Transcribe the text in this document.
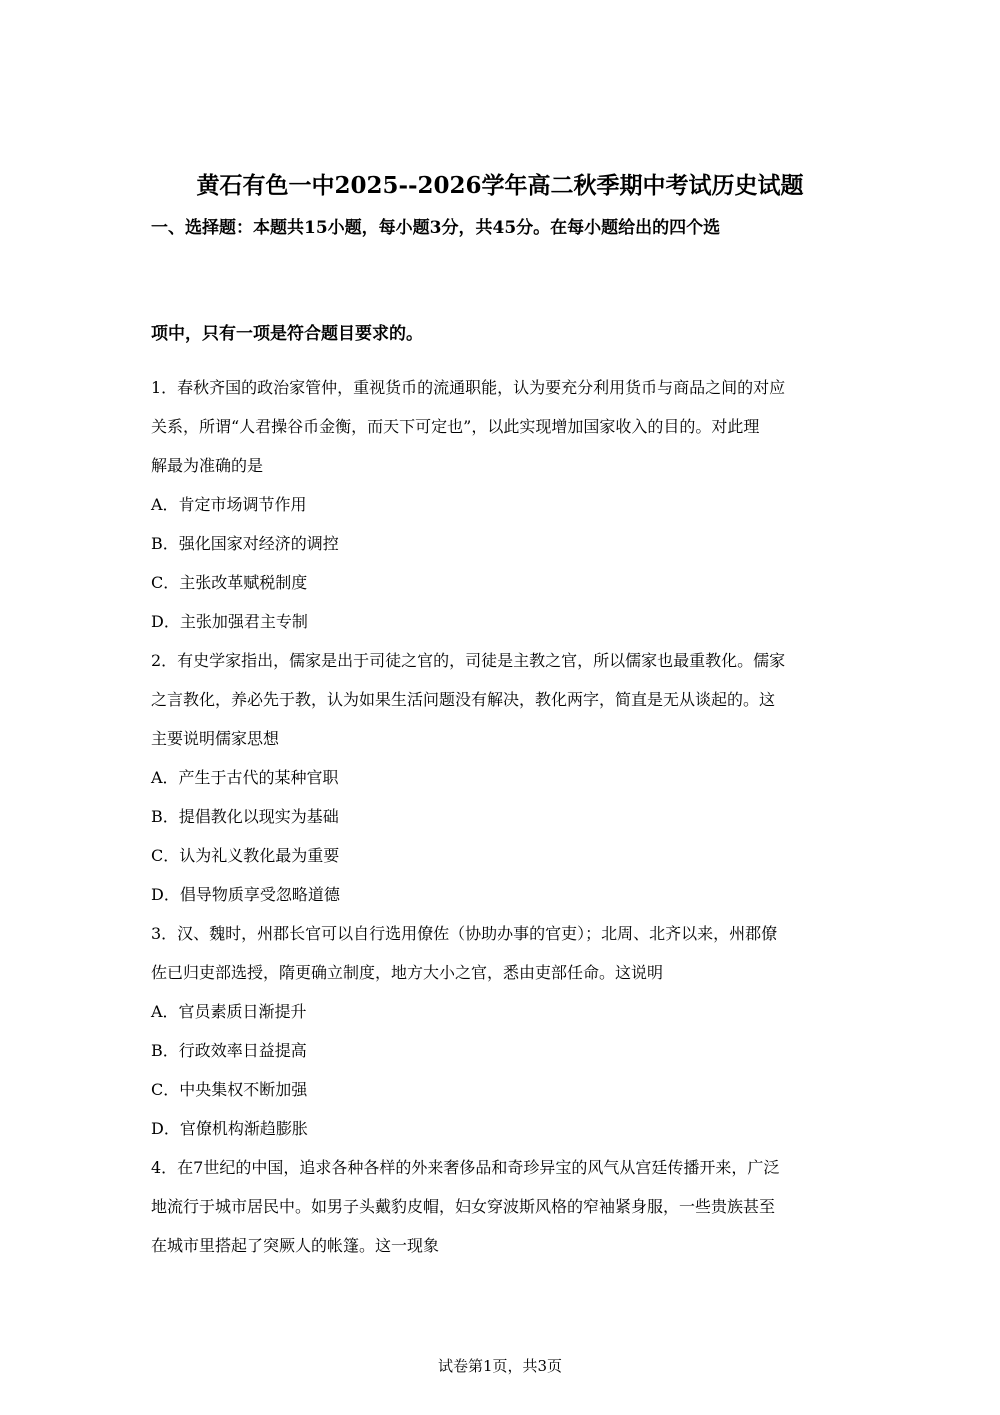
黄石有色一中2025--2026学年高二秋季期中考试历史试题
一、选择题：本题共15小题，每小题3分，共45分。在每小题给出的四个选
项中，只有一项是符合题目要求的。
1．春秋齐国的政治家管仲，重视货币的流通职能，认为要充分利用货币与商品之间的对应
关系，所谓“人君操谷币金衡，而天下可定也”，以此实现增加国家收入的目的。对此理
解最为准确的是
A．肯定市场调节作用
B．强化国家对经济的调控
C．主张改革赋税制度
D．主张加强君主专制
2．有史学家指出，儒家是出于司徒之官的，司徒是主教之官，所以儒家也最重教化。儒家
之言教化，养必先于教，认为如果生活问题没有解决，教化两字，简直是无从谈起的。这
主要说明儒家思想
A．产生于古代的某种官职
B．提倡教化以现实为基础
C．认为礼义教化最为重要
D．倡导物质享受忽略道德
3．汉、魏时，州郡长官可以自行选用僚佐（协助办事的官吏）；北周、北齐以来，州郡僚
佐已归吏部选授，隋更确立制度，地方大小之官，悉由吏部任命。这说明
A．官员素质日渐提升
B．行政效率日益提高
C．中央集权不断加强
D．官僚机构渐趋膨胀
4．在7世纪的中国，追求各种各样的外来奢侈品和奇珍异宝的风气从宫廷传播开来，广泛
地流行于城市居民中。如男子头戴豹皮帽，妇女穿波斯风格的窄袖紧身服，一些贵族甚至
在城市里搭起了突厥人的帐篷。这一现象
试卷第1页，共3页
